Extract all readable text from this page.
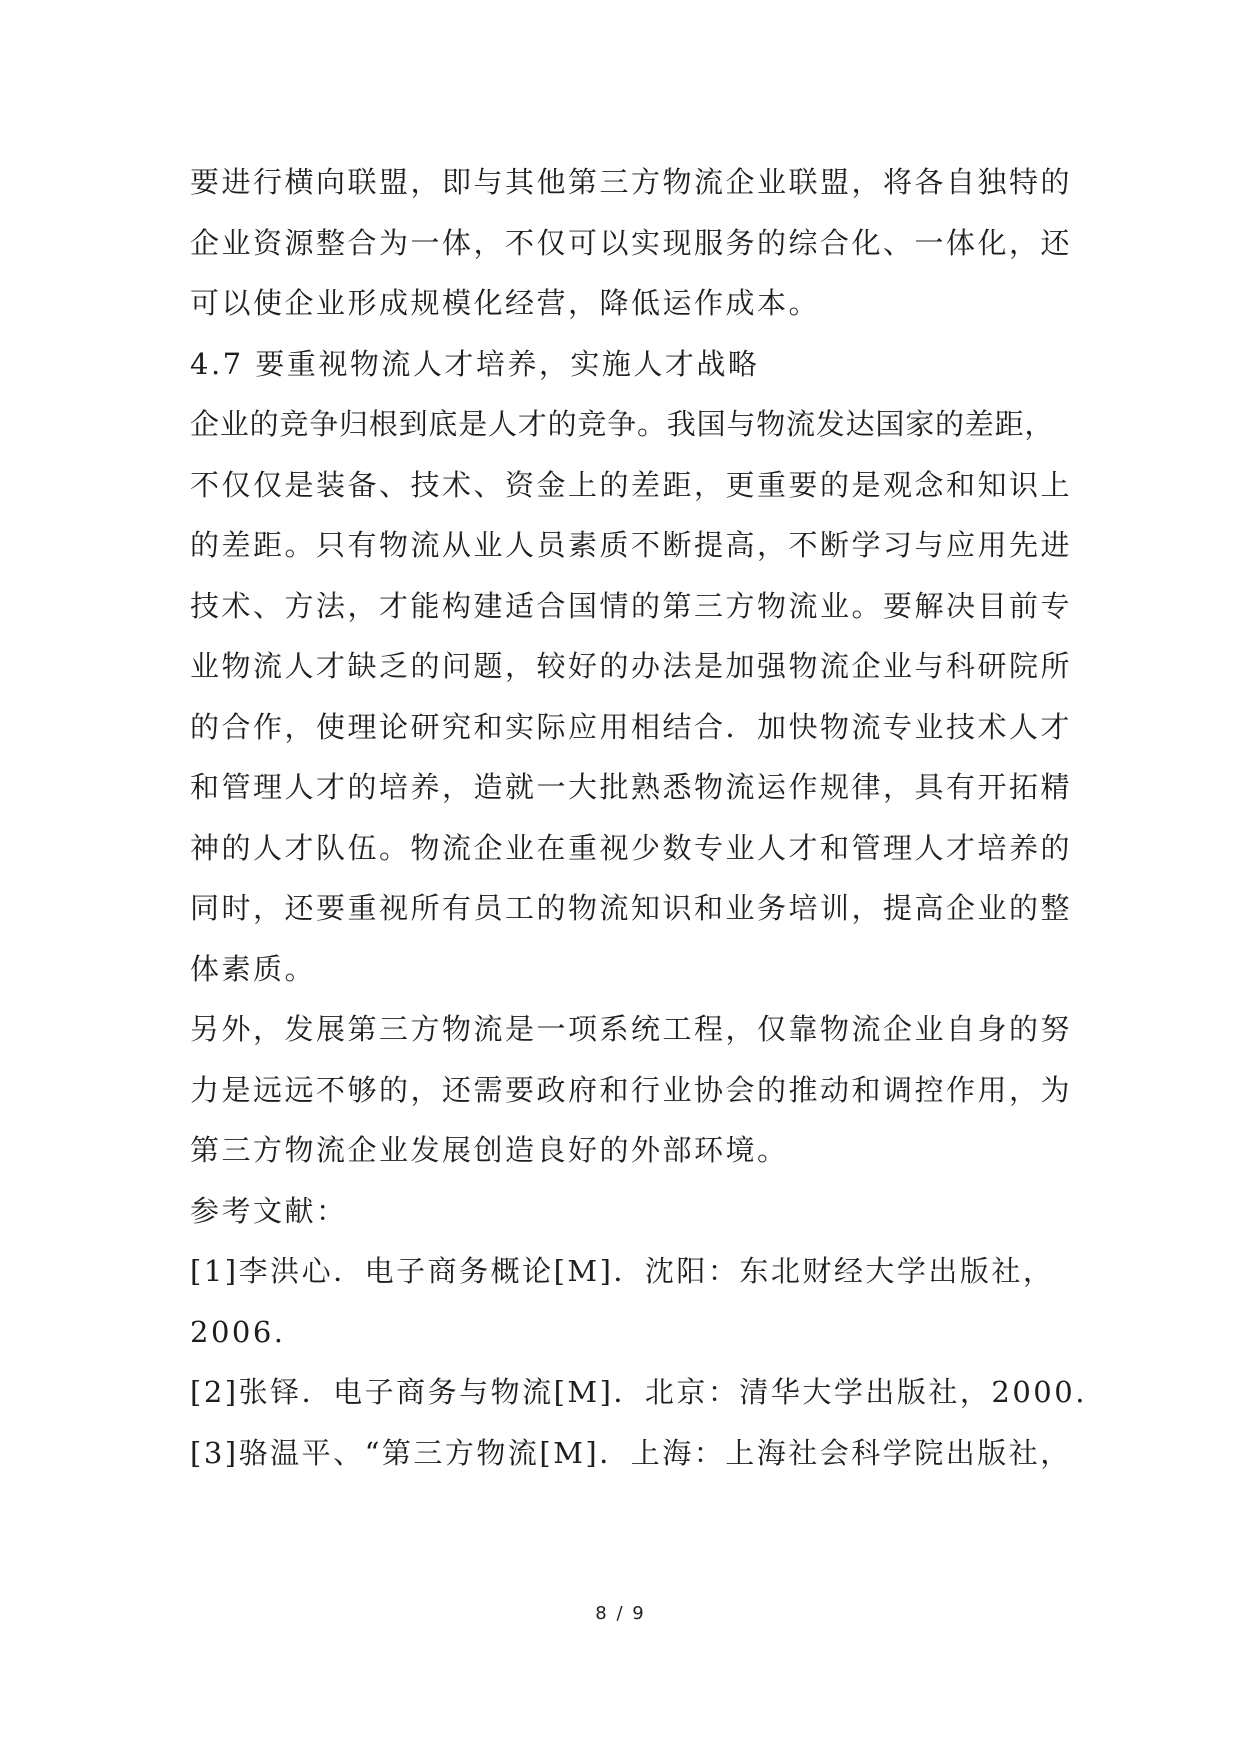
要进行横向联盟，即与其他第三方物流企业联盟，将各自独特的
企业资源整合为一体，不仅可以实现服务的综合化、一体化，还
可以使企业形成规模化经营，降低运作成本。
4.7 要重视物流人才培养，实施人才战略
企业的竞争归根到底是人才的竞争。我国与物流发达国家的差距，
不仅仅是装备、技术、资金上的差距，更重要的是观念和知识上
的差距。只有物流从业人员素质不断提高，不断学习与应用先进
技术、方法，才能构建适合国情的第三方物流业。要解决目前专
业物流人才缺乏的问题，较好的办法是加强物流企业与科研院所
的合作，使理论研究和实际应用相结合．加快物流专业技术人才
和管理人才的培养，造就一大批熟悉物流运作规律，具有开拓精
神的人才队伍。物流企业在重视少数专业人才和管理人才培养的
同时，还要重视所有员工的物流知识和业务培训，提高企业的整
体素质。
另外，发展第三方物流是一项系统工程，仅靠物流企业自身的努
力是远远不够的，还需要政府和行业协会的推动和调控作用，为
第三方物流企业发展创造良好的外部环境。
参考文献：
[1]李洪心．电子商务概论[M]．沈阳：东北财经大学出版社，
2006.
[2]张铎．电子商务与物流[M]．北京：清华大学出版社，2000.
[3]骆温平、“第三方物流[M]．上海：上海社会科学院出版社，
8 / 9
